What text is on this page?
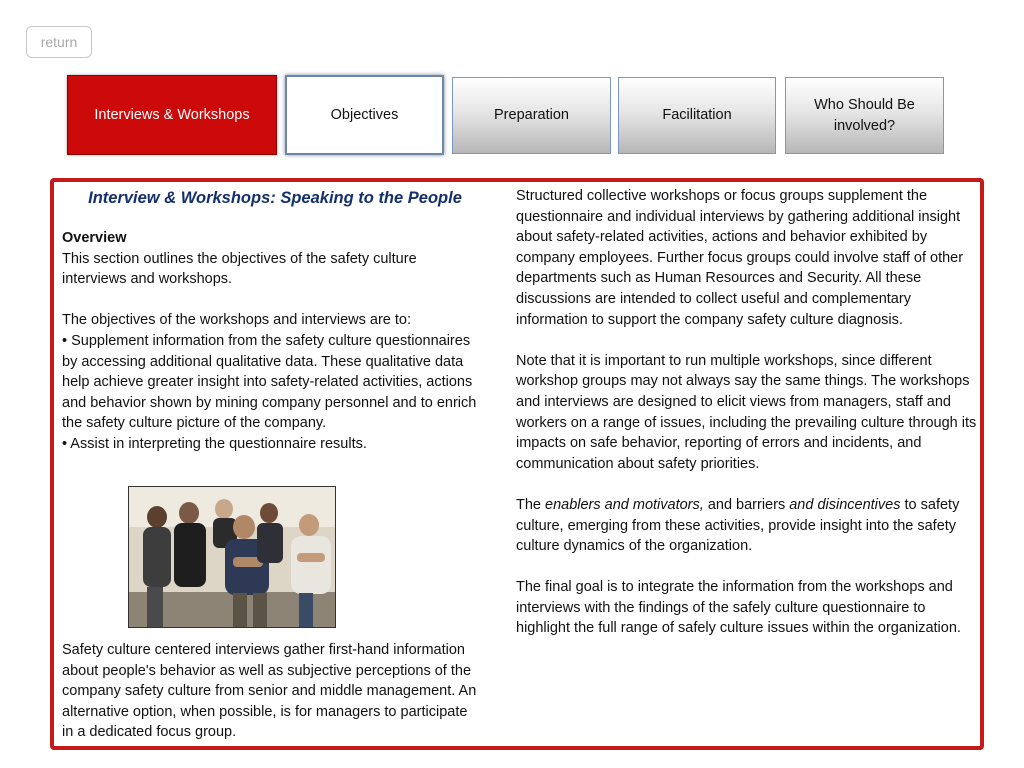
return
Interviews & Workshops	Objectives	Preparation	Facilitation
Who Should Be involved?
Interview & Workshops: Speaking to the People

Overview

This section outlines the objectives of the safety culture interviews and workshops.

The objectives of the workshops and interviews are to:

• Supplement information from the safety culture questionnaires by accessing additional qualitative data. These qualitative data help achieve greater insight into safety-related activities, actions and behavior shown by mining company personnel and to enrich the safety culture picture of the company.

• Assist in interpreting the questionnaire results.

Safety culture centered interviews gather first-hand information about people's behavior as well as subjective perceptions of the company safety culture from senior and middle management. An alternative option, when possible, is for managers to participate in a dedicated focus group.

Structured collective workshops or focus groups supplement the questionnaire and individual interviews by gathering additional insight about safety-related activities, actions and behavior exhibited by company employees. Further focus groups could involve staff of other departments such as Human Resources and Security. All these discussions are intended to collect useful and complementary information to support the company safety culture diagnosis.

Note that it is important to run multiple workshops, since different workshop groups may not always say the same things. The workshops and interviews are designed to elicit views from managers, staff and workers on a range of issues, including the prevailing culture through its impacts on safe behavior, reporting of errors and incidents, and communication about safety priorities.

The enablers and motivators, and barriers and disincentives to safety culture, emerging from these activities, provide insight into the safety culture dynamics of the organization.

The final goal is to integrate the information from the workshops and interviews with the findings of the safely culture questionnaire to highlight the full range of safely culture issues within the organization.
